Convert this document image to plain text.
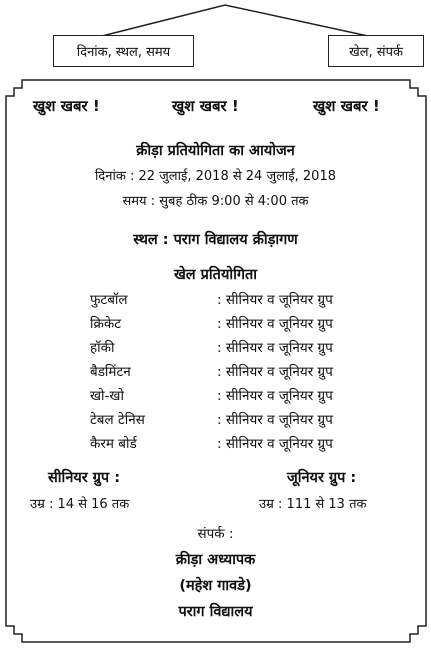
दिनांक, स्थल, समय	खेल, संपर्क
खुश खबर !	खुश खबर !	खुश खबर !
क्रीड़ा प्रतियोगिता का आयोजन
दिनांक : 22 जुलाई, 2018 से 24 जुलाई, 2018
समय : सुबह ठीक 9:00 से 4:00 तक
स्थल : पराग विद्यालय क्रीड़ागण
खेल प्रतियोगिता
फुटबॉल	: सीनियर व जूनियर ग्रुप
क्रिकेट	: सीनियर व जूनियर ग्रुप
हॉकी	: सीनियर व जूनियर ग्रुप
बैडमिंटन	: सीनियर व जूनियर ग्रुप
खो-खो	: सीनियर व जूनियर ग्रुप
टेबल टेनिस	: सीनियर व जूनियर ग्रुप
कैरम बोर्ड	: सीनियर व जूनियर ग्रुप
सीनियर ग्रुप :
उम्र : 14 से 16 तक
जूनियर ग्रुप :
उम्र : 111 से 13 तक
संपर्क :
क्रीड़ा अध्यापक
(महेश गावडे)
पराग विद्यालय
